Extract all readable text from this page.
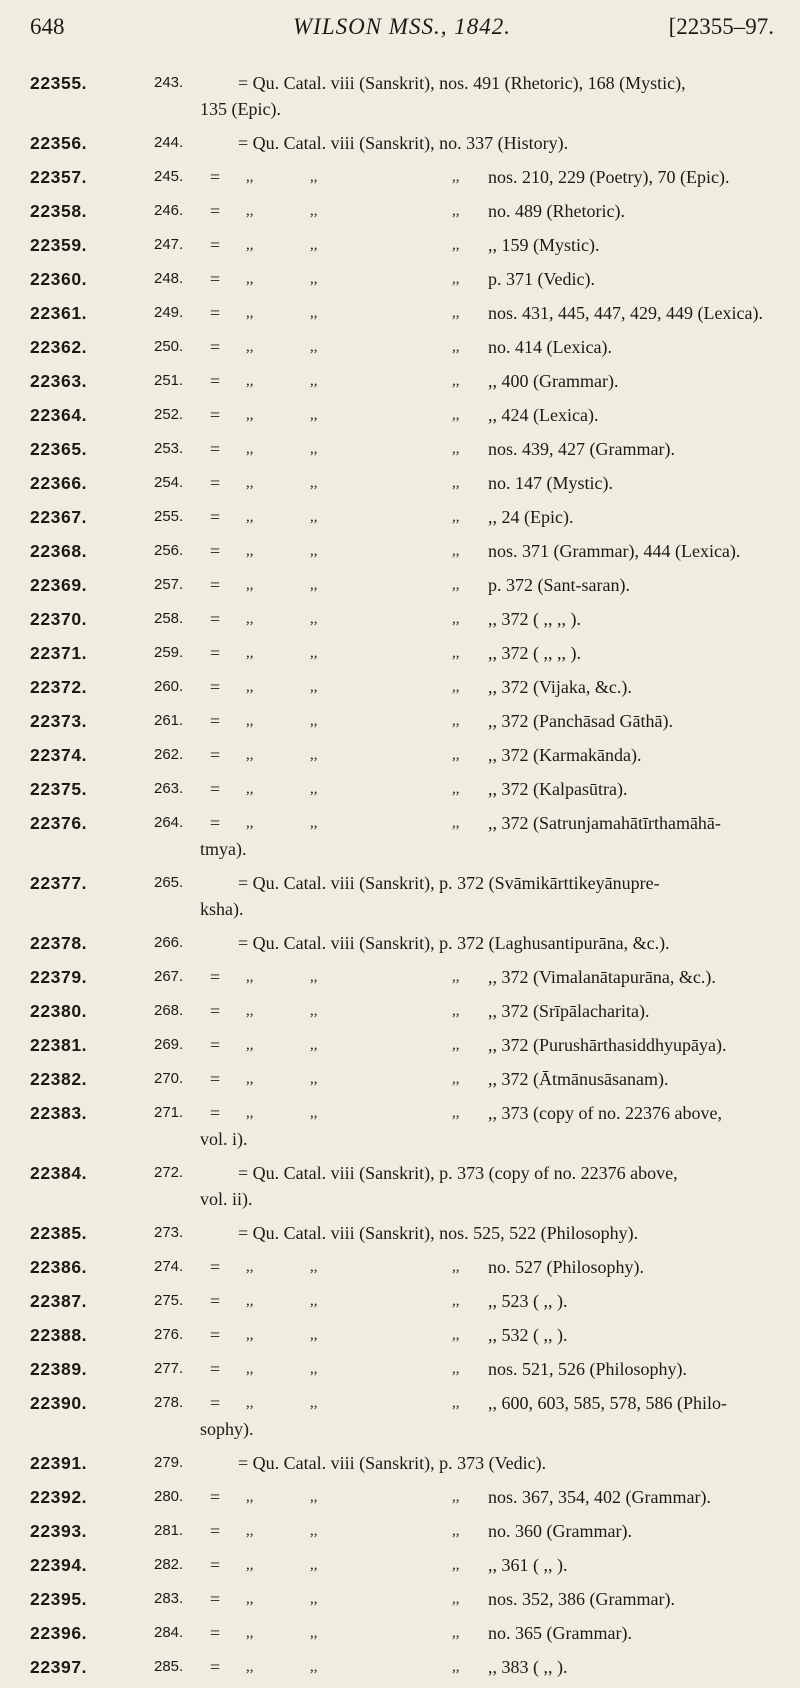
648	WILSON MSS., 1842.	[22355–97.
22355.	243.	= Qu. Catal. viii (Sanskrit), nos. 491 (Rhetoric), 168 (Mystic),
135 (Epic).
22356.	244.	= Qu. Catal. viii (Sanskrit), no. 337 (History).
22357.	245. = ,,	,,	,, nos. 210, 229 (Poetry), 70 (Epic).
22358.	246. = ,,	,,	,, no. 489 (Rhetoric).
22359.	247. = ,,	,,	,, ,, 159 (Mystic).
22360.	248. = ,,	,,	,, p. 371 (Vedic).
22361.	249. = ,,	,,	,, nos. 431, 445, 447, 429, 449 (Lexica).
22362.	250. = ,,	,,	,, no. 414 (Lexica).
22363.	251. = ,,	,,	,, ,, 400 (Grammar).
22364.	252. = ,,	,,	,, ,, 424 (Lexica).
22365.	253. = ,,	,,	,, nos. 439, 427 (Grammar).
22366.	254. = ,,	,,	,, no. 147 (Mystic).
22367.	255. = ,,	,,	,, ,, 24 (Epic).
22368.	256. = ,,	,,	,, nos. 371 (Grammar), 444 (Lexica).
22369.	257. = ,,	,,	,, p. 372 (Sant-saran).
22370.	258. = ,,	,,	,, ,, 372 ( ,, ,, ).
22371.	259. = ,,	,,	,, ,, 372 ( ,, ,, ).
22372.	260. = ,,	,,	,, ,, 372 (Vijaka, &c.).
22373.	261. = ,,	,,	,, ,, 372 (Panchāsad Gāthā).
22374.	262. = ,,	,,	,, ,, 372 (Karmakānda).
22375.	263. = ,,	,,	,, ,, 372 (Kalpasūtra).
22376.	264. = ,,	,,	,, ,, 372 (Satrunjamahātīrthamāhā-
tmya).
22377.	265.	= Qu. Catal. viii (Sanskrit), p. 372 (Svāmikārttikeyānupre-
ksha).
22378.	266.	= Qu. Catal. viii (Sanskrit), p. 372 (Laghusantipurāna, &c.).
22379.	267. = ,,	,,	,, ,, 372 (Vimalanātapurāna, &c.).
22380.	268. = ,,	,,	,, ,, 372 (Srīpālacharita).
22381.	269. = ,,	,,	,, ,, 372 (Purushārthasiddhyupāya).
22382.	270. = ,,	,,	,, ,, 372 (Ātmānusāsanam).
22383.	271. = ,,	,,	,, ,, 373 (copy of no. 22376 above,
vol. i).
22384.	272.	= Qu. Catal. viii (Sanskrit), p. 373 (copy of no. 22376 above,
vol. ii).
22385.	273.	= Qu. Catal. viii (Sanskrit), nos. 525, 522 (Philosophy).
22386.	274. = ,,	,,	,, no. 527 (Philosophy).
22387.	275. = ,,	,,	,, ,, 523 ( ,, ).
22388.	276. = ,,	,,	,, ,, 532 ( ,, ).
22389.	277. = ,,	,,	,, nos. 521, 526 (Philosophy).
22390.	278. = ,,	,,	,, ,, 600, 603, 585, 578, 586 (Philo-
sophy).
22391.	279.	= Qu. Catal. viii (Sanskrit), p. 373 (Vedic).
22392.	280. = ,,	,,	,, nos. 367, 354, 402 (Grammar).
22393.	281. = ,,	,,	,, no. 360 (Grammar).
22394.	282. = ,,	,,	,, ,, 361 ( ,, ).
22395.	283. = ,,	,,	,, nos. 352, 386 (Grammar).
22396.	284. = ,,	,,	,, no. 365 (Grammar).
22397.	285. = ,,	,,	,, ,, 383 ( ,, ).
